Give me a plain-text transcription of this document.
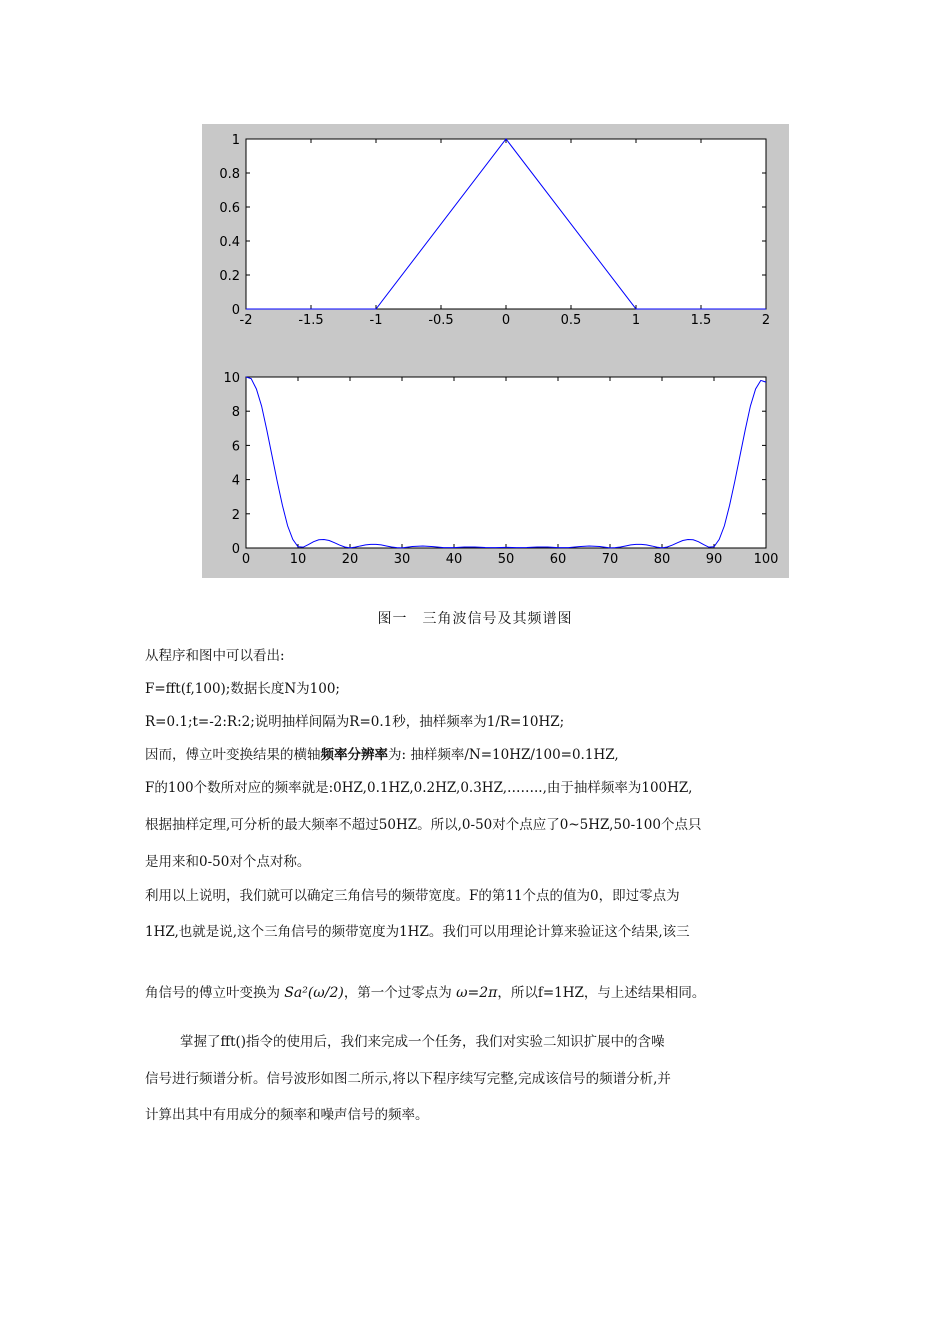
-2	-1.5	-1	-0.5	0	0.5	1	1.5	2
0
0.2
0.4
0.6
0.8
1
0	10	20	30	40	50	60	70	80	90 100
0
2
4
6
8
10
图一　三角波信号及其频谱图
从程序和图中可以看出:
F=fft(f,100);数据长度N为100;
R=0.1;t=-2:R:2;说明抽样间隔为R=0.1秒，抽样频率为1/R=10HZ;
因而，傅立叶变换结果的横轴频率分辨率为: 抽样频率/N=10HZ/100=0.1HZ,
F的100个数所对应的频率就是:0HZ,0.1HZ,0.2HZ,0.3HZ,……..,由于抽样频率为100HZ,
根据抽样定理,可分析的最大频率不超过50HZ。所以,0-50对个点应了0~5HZ,50-100个点只
是用来和0-50对个点对称。
利用以上说明，我们就可以确定三角信号的频带宽度。F的第11个点的值为0，即过零点为
1HZ,也就是说,这个三角信号的频带宽度为1HZ。我们可以用理论计算来验证这个结果,该三
角信号的傅立叶变换为 Sa²(ω/2)，第一个过零点为 ω=2π，所以f=1HZ，与上述结果相同。
掌握了fft()指令的使用后，我们来完成一个任务，我们对实验二知识扩展中的含噪
信号进行频谱分析。信号波形如图二所示,将以下程序续写完整,完成该信号的频谱分析,并
计算出其中有用成分的频率和噪声信号的频率。
